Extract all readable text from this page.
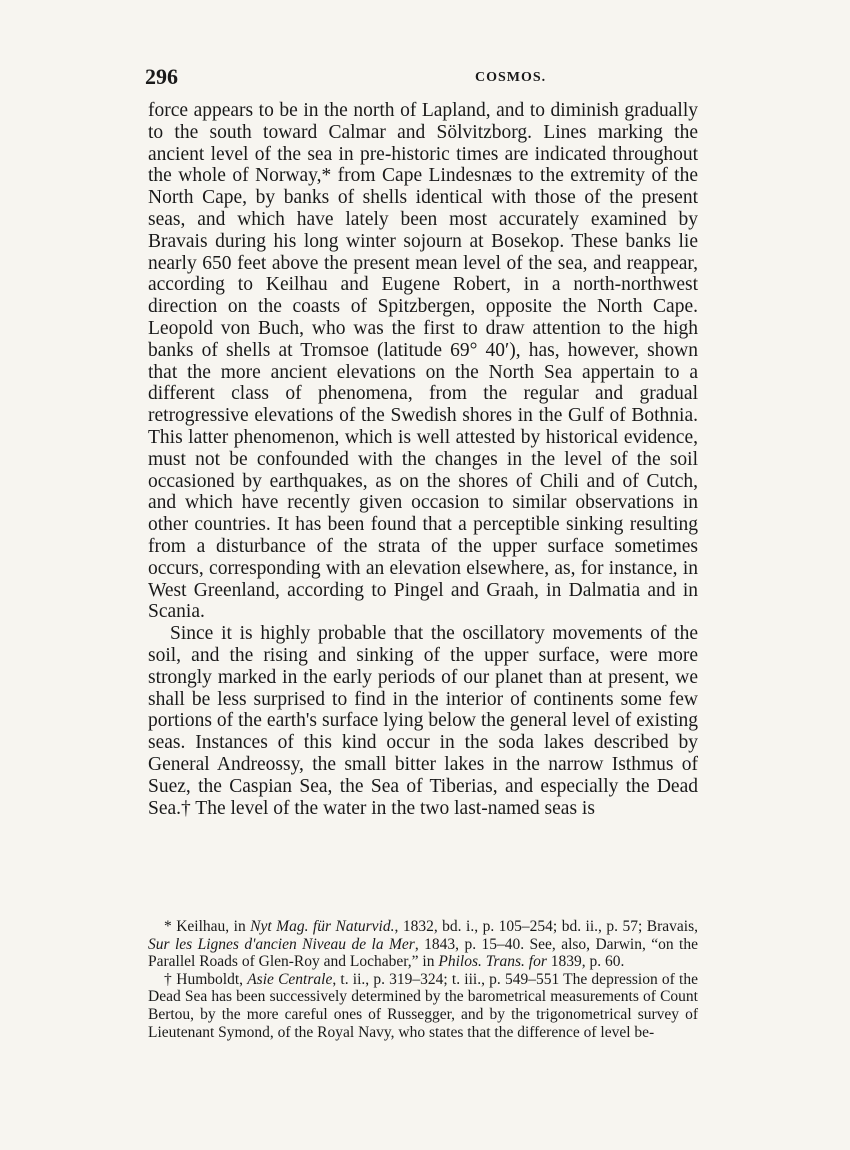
296	COSMOS.

force appears to be in the north of Lapland, and to diminish gradually to the south toward Calmar and Sölvitzborg. Lines marking the ancient level of the sea in pre-historic times are indicated throughout the whole of Norway,* from Cape Lindesnæs to the extremity of the North Cape, by banks of shells identical with those of the present seas, and which have lately been most accurately examined by Bravais during his long winter sojourn at Bosekop. These banks lie nearly 650 feet above the present mean level of the sea, and reappear, according to Keilhau and Eugene Robert, in a north-northwest direction on the coasts of Spitzbergen, opposite the North Cape. Leopold von Buch, who was the first to draw attention to the high banks of shells at Tromsoe (latitude 69° 40′), has, however, shown that the more ancient elevations on the North Sea appertain to a different class of phenomena, from the regular and gradual retrogressive elevations of the Swedish shores in the Gulf of Bothnia. This latter phenomenon, which is well attested by historical evidence, must not be confounded with the changes in the level of the soil occasioned by earthquakes, as on the shores of Chili and of Cutch, and which have recently given occasion to similar observations in other countries. It has been found that a perceptible sinking resulting from a disturbance of the strata of the upper surface sometimes occurs, corresponding with an elevation elsewhere, as, for instance, in West Greenland, according to Pingel and Graah, in Dalmatia and in Scania.

Since it is highly probable that the oscillatory movements of the soil, and the rising and sinking of the upper surface, were more strongly marked in the early periods of our planet than at present, we shall be less surprised to find in the interior of continents some few portions of the earth's surface lying below the general level of existing seas. Instances of this kind occur in the soda lakes described by General Andreossy, the small bitter lakes in the narrow Isthmus of Suez, the Caspian Sea, the Sea of Tiberias, and especially the Dead Sea.† The level of the water in the two last-named seas is

* Keilhau, in Nyt Mag. für Naturvid., 1832, bd. i., p. 105–254; bd. ii., p. 57; Bravais, Sur les Lignes d'ancien Niveau de la Mer, 1843, p. 15–40. See, also, Darwin, “on the Parallel Roads of Glen-Roy and Lochaber,” in Philos. Trans. for 1839, p. 60.

† Humboldt, Asie Centrale, t. ii., p. 319–324; t. iii., p. 549–551 The depression of the Dead Sea has been successively determined by the barometrical measurements of Count Bertou, by the more careful ones of Russegger, and by the trigonometrical survey of Lieutenant Symond, of the Royal Navy, who states that the difference of level be-
